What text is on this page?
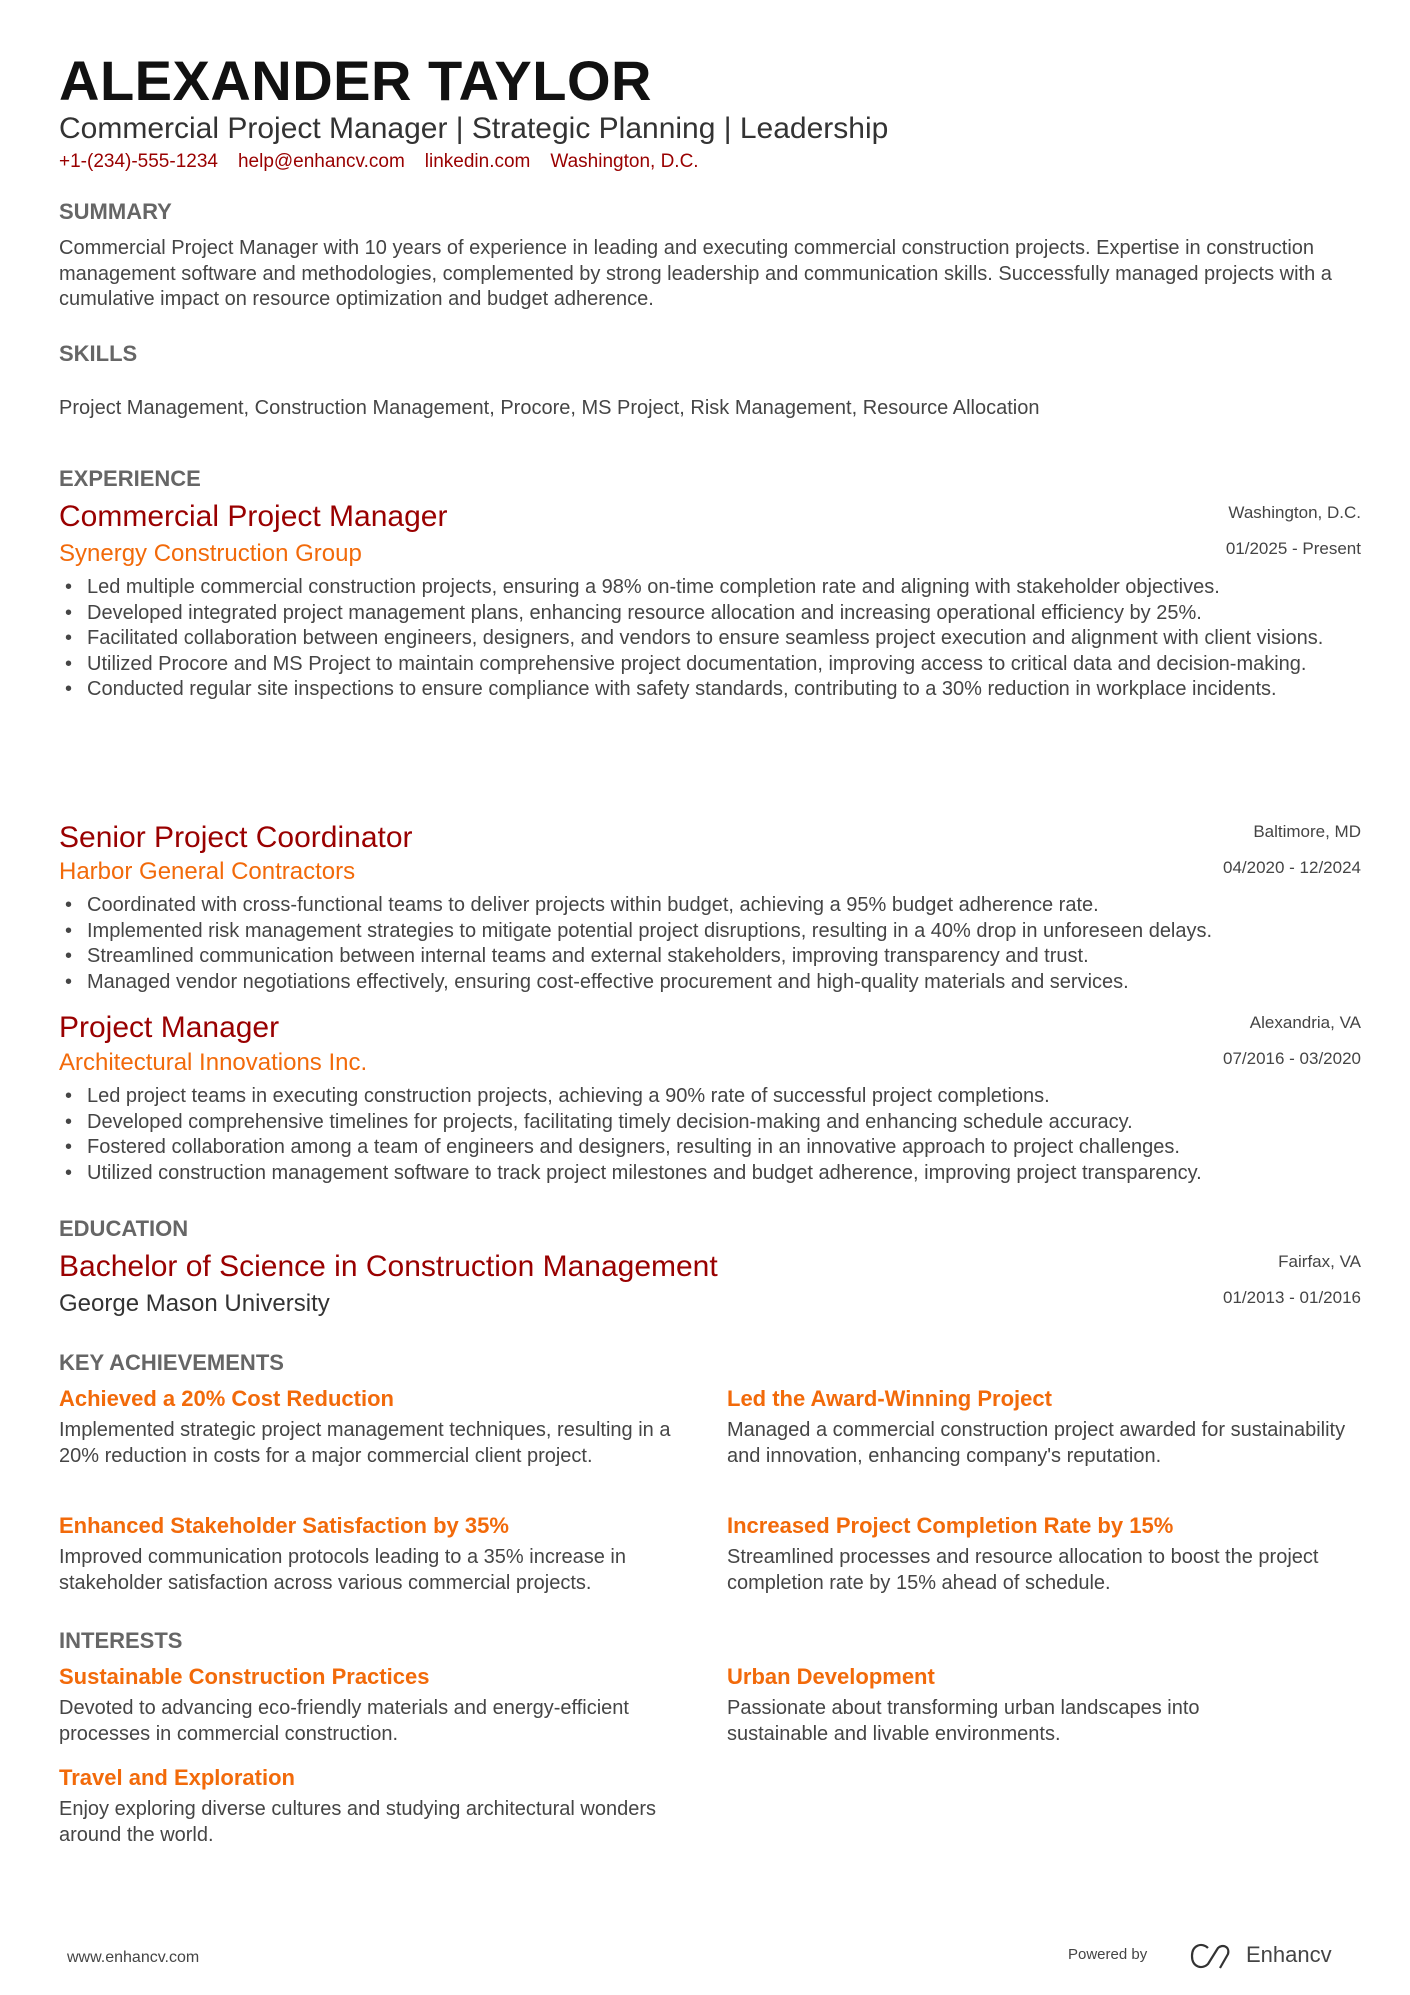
ALEXANDER TAYLOR
Commercial Project Manager | Strategic Planning | Leadership
+1-(234)-555-1234 help@enhancv.com linkedin.com Washington, D.C.
SUMMARY
Commercial Project Manager with 10 years of experience in leading and executing commercial construction projects. Expertise in construction management software and methodologies, complemented by strong leadership and communication skills. Successfully managed projects with a cumulative impact on resource optimization and budget adherence.
SKILLS
Project Management, Construction Management, Procore, MS Project, Risk Management, Resource Allocation
EXPERIENCE
Commercial Project Manager	Washington, D.C.
Synergy Construction Group	01/2025 - Present
• Led multiple commercial construction projects, ensuring a 98% on-time completion rate and aligning with stakeholder objectives.
• Developed integrated project management plans, enhancing resource allocation and increasing operational efficiency by 25%.
• Facilitated collaboration between engineers, designers, and vendors to ensure seamless project execution and alignment with client visions.
• Utilized Procore and MS Project to maintain comprehensive project documentation, improving access to critical data and decision-making.
• Conducted regular site inspections to ensure compliance with safety standards, contributing to a 30% reduction in workplace incidents.
Senior Project Coordinator	Baltimore, MD
Harbor General Contractors	04/2020 - 12/2024
• Coordinated with cross-functional teams to deliver projects within budget, achieving a 95% budget adherence rate.
• Implemented risk management strategies to mitigate potential project disruptions, resulting in a 40% drop in unforeseen delays.
• Streamlined communication between internal teams and external stakeholders, improving transparency and trust.
• Managed vendor negotiations effectively, ensuring cost-effective procurement and high-quality materials and services.
Project Manager	Alexandria, VA
Architectural Innovations Inc.	07/2016 - 03/2020
• Led project teams in executing construction projects, achieving a 90% rate of successful project completions.
• Developed comprehensive timelines for projects, facilitating timely decision-making and enhancing schedule accuracy.
• Fostered collaboration among a team of engineers and designers, resulting in an innovative approach to project challenges.
• Utilized construction management software to track project milestones and budget adherence, improving project transparency.
EDUCATION
Bachelor of Science in Construction Management	Fairfax, VA
George Mason University	01/2013 - 01/2016
KEY ACHIEVEMENTS
Achieved a 20% Cost Reduction
Implemented strategic project management techniques, resulting in a 20% reduction in costs for a major commercial client project.
Led the Award-Winning Project
Managed a commercial construction project awarded for sustainability and innovation, enhancing company's reputation.
Enhanced Stakeholder Satisfaction by 35%
Improved communication protocols leading to a 35% increase in stakeholder satisfaction across various commercial projects.
Increased Project Completion Rate by 15%
Streamlined processes and resource allocation to boost the project completion rate by 15% ahead of schedule.
INTERESTS
Sustainable Construction Practices
Devoted to advancing eco-friendly materials and energy-efficient processes in commercial construction.
Urban Development
Passionate about transforming urban landscapes into sustainable and livable environments.
Travel and Exploration
Enjoy exploring diverse cultures and studying architectural wonders around the world.
www.enhancv.com	Powered by	Enhancv
